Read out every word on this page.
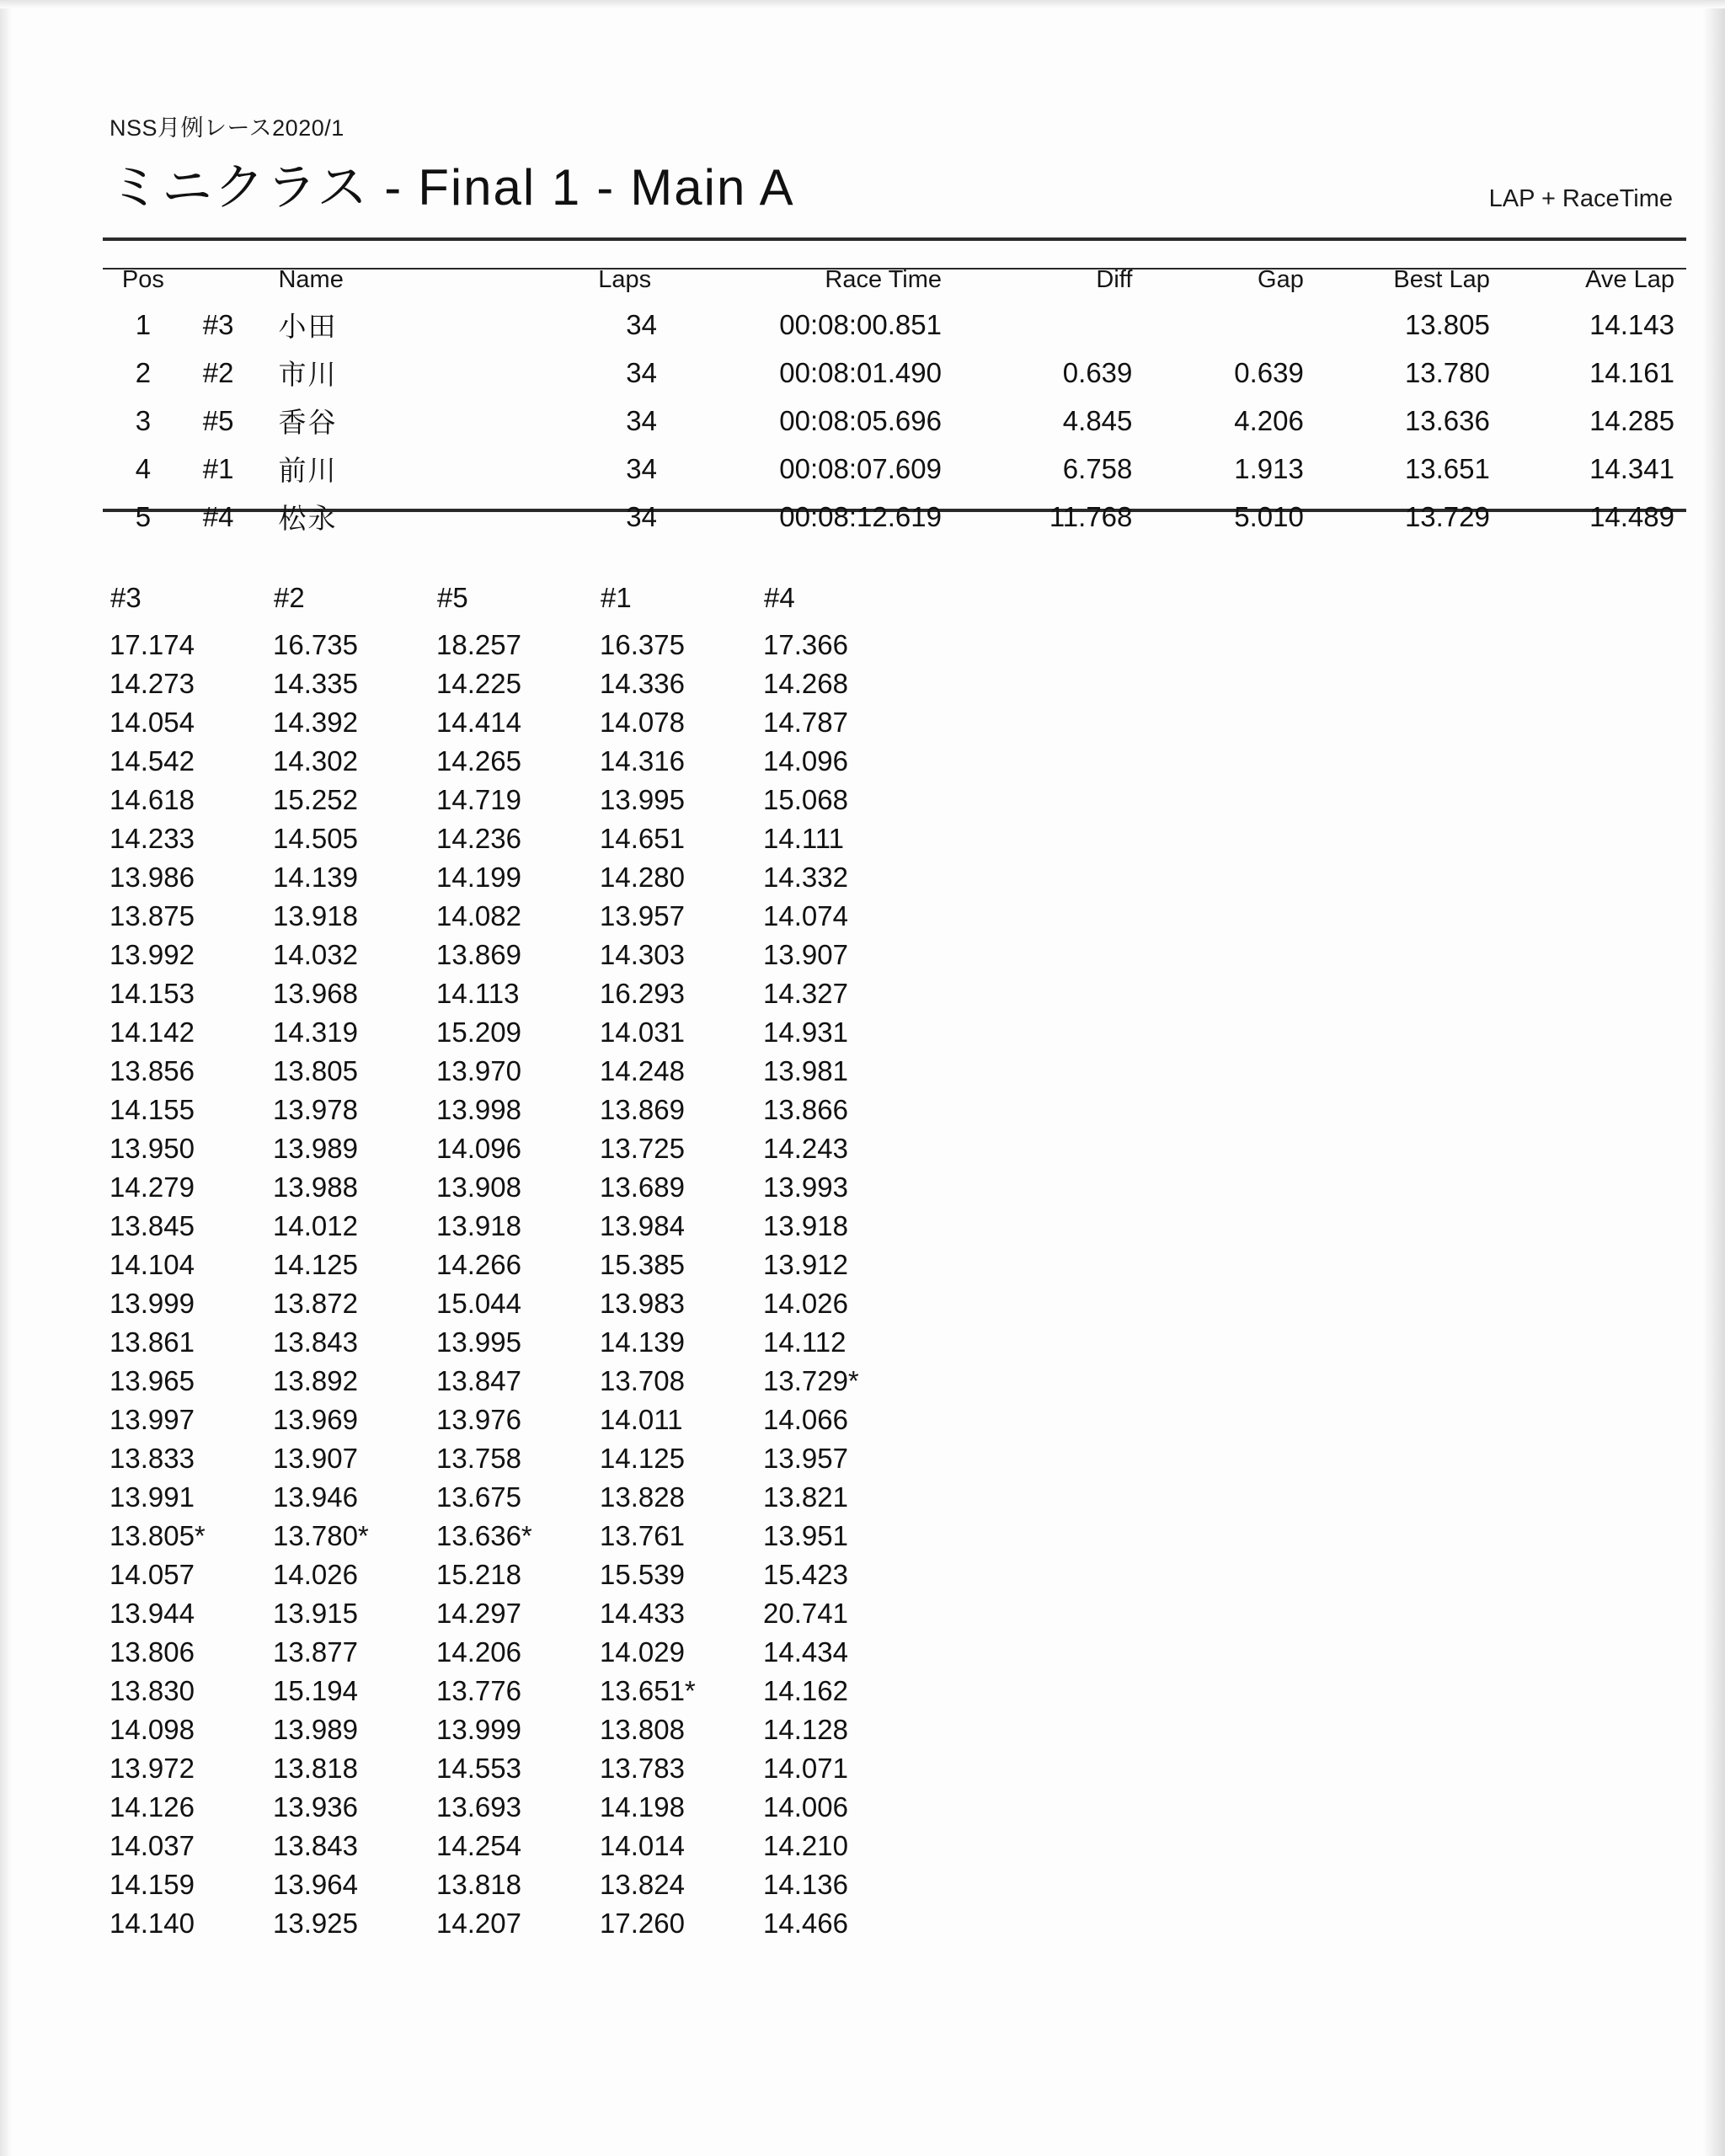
NSS月例レース2020/1
ミニクラス - Final 1 - Main A	LAP + RaceTime
Pos		Name	Laps	Race Time	Diff	Gap	Best Lap	Ave Lap
1	#3	小田	34	00:08:00.851			13.805	14.143
2	#2	市川	34	00:08:01.490	0.639	0.639	13.780	14.161
3	#5	香谷	34	00:08:05.696	4.845	4.206	13.636	14.285
4	#1	前川	34	00:08:07.609	6.758	1.913	13.651	14.341
5	#4	松永	34	00:08:12.619	11.768	5.010	13.729	14.489
#3	#2	#5	#1	#4
17.174	16.735	18.257	16.375	17.366
14.273	14.335	14.225	14.336	14.268
14.054	14.392	14.414	14.078	14.787
14.542	14.302	14.265	14.316	14.096
14.618	15.252	14.719	13.995	15.068
14.233	14.505	14.236	14.651	14.111
13.986	14.139	14.199	14.280	14.332
13.875	13.918	14.082	13.957	14.074
13.992	14.032	13.869	14.303	13.907
14.153	13.968	14.113	16.293	14.327
14.142	14.319	15.209	14.031	14.931
13.856	13.805	13.970	14.248	13.981
14.155	13.978	13.998	13.869	13.866
13.950	13.989	14.096	13.725	14.243
14.279	13.988	13.908	13.689	13.993
13.845	14.012	13.918	13.984	13.918
14.104	14.125	14.266	15.385	13.912
13.999	13.872	15.044	13.983	14.026
13.861	13.843	13.995	14.139	14.112
13.965	13.892	13.847	13.708	13.729*
13.997	13.969	13.976	14.011	14.066
13.833	13.907	13.758	14.125	13.957
13.991	13.946	13.675	13.828	13.821
13.805*	13.780*	13.636*	13.761	13.951
14.057	14.026	15.218	15.539	15.423
13.944	13.915	14.297	14.433	20.741
13.806	13.877	14.206	14.029	14.434
13.830	15.194	13.776	13.651*	14.162
14.098	13.989	13.999	13.808	14.128
13.972	13.818	14.553	13.783	14.071
14.126	13.936	13.693	14.198	14.006
14.037	13.843	14.254	14.014	14.210
14.159	13.964	13.818	13.824	14.136
14.140	13.925	14.207	17.260	14.466
